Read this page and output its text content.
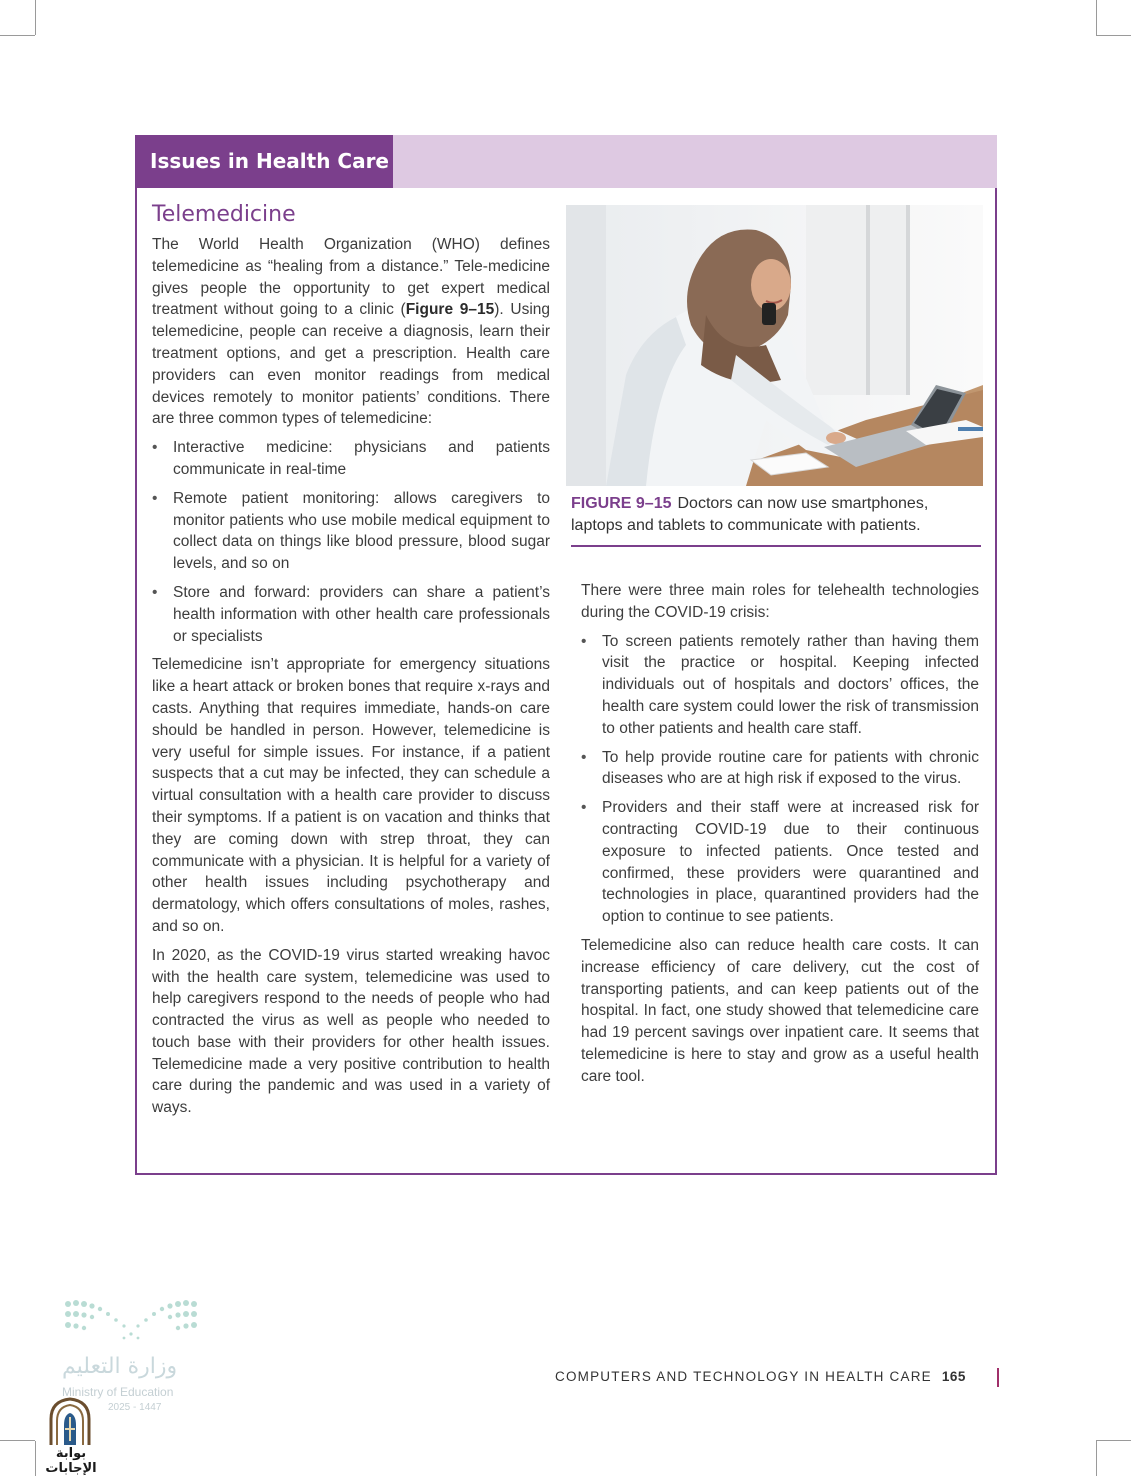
Issues in Health Care
Telemedicine

The World Health Organization (WHO) defines telemedicine as “healing from a distance.” Tele-medicine gives people the opportunity to get expert medical treatment without going to a clinic (Figure 9–15). Using telemedicine, people can receive a diagnosis, learn their treatment options, and get a prescription. Health care providers can even monitor readings from medical devices remotely to monitor patients’ conditions. There are three common types of telemedicine:

• Interactive medicine: physicians and patients communicate in real-time
• Remote patient monitoring: allows caregivers to monitor patients who use mobile medical equipment to collect data on things like blood pressure, blood sugar levels, and so on
• Store and forward: providers can share a patient’s health information with other health care professionals or specialists

Telemedicine isn’t appropriate for emergency situations like a heart attack or broken bones that require x-rays and casts. Anything that requires immediate, hands-on care should be handled in person. However, telemedicine is very useful for simple issues. For instance, if a patient suspects that a cut may be infected, they can schedule a virtual consultation with a health care provider to discuss their symptoms. If a patient is on vacation and thinks that they are coming down with strep throat, they can communicate with a physician. It is helpful for a variety of other health issues including psychotherapy and dermatology, which offers consultations of moles, rashes, and so on.

In 2020, as the COVID-19 virus started wreaking havoc with the health care system, telemedicine was used to help caregivers respond to the needs of people who had contracted the virus as well as people who needed to touch base with their providers for other health issues. Telemedicine made a very positive contribution to health care during the pandemic and was used in a variety of ways.

FIGURE 9–15 Doctors can now use smartphones, laptops and tablets to communicate with patients.

There were three main roles for telehealth technologies during the COVID-19 crisis:

• To screen patients remotely rather than having them visit the practice or hospital. Keeping infected individuals out of hospitals and doctors’ offices, the health care system could lower the risk of transmission to other patients and health care staff.
• To help provide routine care for patients with chronic diseases who are at high risk if exposed to the virus.
• Providers and their staff were at increased risk for contracting COVID-19 due to their continuous exposure to infected patients. Once tested and confirmed, these providers were quarantined and technologies in place, quarantined providers had the option to continue to see patients.

Telemedicine also can reduce health care costs. It can increase efficiency of care delivery, cut the cost of transporting patients, and can keep patients out of the hospital. In fact, one study showed that telemedicine care had 19 percent savings over inpatient care. It seems that telemedicine is here to stay and grow as a useful health care tool.

COMPUTERS AND TECHNOLOGY IN HEALTH CARE 165
وزارة التعليم
Ministry of Education
2025 - 1447
بوابة الإجابات
